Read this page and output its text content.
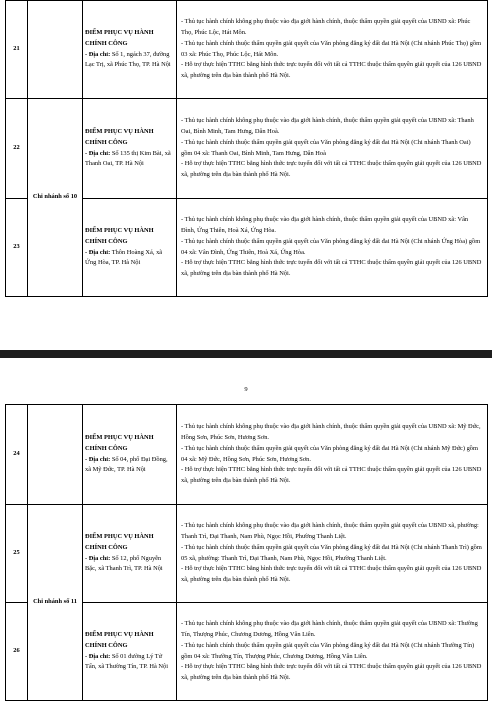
21		ĐIỂM PHỤC VỤ HÀNH CHÍNH CÔNG
- Địa chỉ: Số 1, ngách 37, đường Lạc Trị, xã Phúc Thọ, TP. Hà Nội	- Thủ tục hành chính không phụ thuộc vào địa giới hành chính, thuộc thẩm quyền giải quyết của UBND xã: Phúc Thọ, Phúc Lộc, Hát Môn.
- Thủ tục hành chính thuộc thẩm quyền giải quyết của Văn phòng đăng ký đất đai Hà Nội (Chi nhánh Phúc Thọ) gồm 03 xã: Phúc Thọ, Phúc Lộc, Hát Môn.
- Hỗ trợ thực hiện TTHC bằng hình thức trực tuyến đối với tất cả TTHC thuộc thẩm quyền giải quyết của 126 UBND xã, phường trên địa bàn thành phố Hà Nội.

22	Chi nhánh số 10	ĐIỂM PHỤC VỤ HÀNH CHÍNH CÔNG
- Địa chỉ: Số 135 thị Kim Bài, xã Thanh Oai, TP. Hà Nội	- Thủ tục hành chính không phụ thuộc vào địa giới hành chính, thuộc thẩm quyền giải quyết của UBND xã: Thanh Oai, Bình Minh, Tam Hưng, Dân Hoà.
- Thủ tục hành chính thuộc thẩm quyền giải quyết của Văn phòng đăng ký đất đai Hà Nội (Chi nhánh Thanh Oai) gồm 04 xã: Thanh Oai, Bình Minh, Tam Hưng, Dân Hoà
- Hỗ trợ thực hiện TTHC bằng hình thức trực tuyến đối với tất cả TTHC thuộc thẩm quyền giải quyết của 126 UBND xã, phường trên địa bàn thành phố Hà Nội.

23		ĐIỂM PHỤC VỤ HÀNH CHÍNH CÔNG
- Địa chỉ: Thôn Hoàng Xá, xã Ứng Hòa, TP. Hà Nội	- Thủ tục hành chính không phụ thuộc vào địa giới hành chính, thuộc thẩm quyền giải quyết của UBND xã: Vân Đình, Ứng Thiên, Hoà Xá, Ứng Hòa.
- Thủ tục hành chính thuộc thẩm quyền giải quyết của Văn phòng đăng ký đất đai Hà Nội (Chi nhánh Ứng Hòa) gồm 04 xã: Vân Đình, Ứng Thiên, Hoà Xá, Ứng Hòa.
- Hỗ trợ thực hiện TTHC bằng hình thức trực tuyến đối với tất cả TTHC thuộc thẩm quyền giải quyết của 126 UBND xã, phường trên địa bàn thành phố Hà Nội.
9
24		ĐIỂM PHỤC VỤ HÀNH CHÍNH CÔNG
- Địa chỉ: Số 04, phố Đại Đồng, xã Mỹ Đức, TP. Hà Nội	- Thủ tục hành chính không phụ thuộc vào địa giới hành chính, thuộc thẩm quyền giải quyết của UBND xã: Mỹ Đức, Hồng Sơn, Phúc Sơn, Hương Sơn.
- Thủ tục hành chính thuộc thẩm quyền giải quyết của Văn phòng đăng ký đất đai Hà Nội (Chi nhánh Mỹ Đức) gồm 04 xã: Mỹ Đức, Hồng Sơn, Phúc Sơn, Hương Sơn.
- Hỗ trợ thực hiện TTHC bằng hình thức trực tuyến đối với tất cả TTHC thuộc thẩm quyền giải quyết của 126 UBND xã, phường trên địa bàn thành phố Hà Nội.

25	Chi nhánh số 11	ĐIỂM PHỤC VỤ HÀNH CHÍNH CÔNG
- Địa chỉ: Số 12, phố Nguyễn Bặc, xã Thanh Trì, TP. Hà Nội	- Thủ tục hành chính không phụ thuộc vào địa giới hành chính, thuộc thẩm quyền giải quyết của UBND xã, phường: Thanh Trì, Đại Thanh, Nam Phù, Ngọc Hồi, Phường Thanh Liệt.
- Thủ tục hành chính thuộc thẩm quyền giải quyết của Văn phòng đăng ký đất đai Hà Nội (Chi nhánh Thanh Trì) gồm 05 xã, phường: Thanh Trì, Đại Thanh, Nam Phù, Ngọc Hồi, Phường Thanh Liệt.
- Hỗ trợ thực hiện TTHC bằng hình thức trực tuyến đối với tất cả TTHC thuộc thẩm quyền giải quyết của 126 UBND xã, phường trên địa bàn thành phố Hà Nội.

26		ĐIỂM PHỤC VỤ HÀNH CHÍNH CÔNG
- Địa chỉ: Số 01 đường Lý Tử Tấn, xã Thường Tín, TP. Hà Nội	- Thủ tục hành chính không phụ thuộc vào địa giới hành chính, thuộc thẩm quyền giải quyết của UBND xã: Thường Tín, Thượng Phúc, Chương Dương, Hồng Vân Liên.
- Thủ tục hành chính thuộc thẩm quyền giải quyết của Văn phòng đăng ký đất đai Hà Nội (Chi nhánh Thường Tín) gồm 04 xã: Thường Tín, Thượng Phúc, Chương Dương, Hồng Vân Liên.
- Hỗ trợ thực hiện TTHC bằng hình thức trực tuyến đối với tất cả TTHC thuộc thẩm quyền giải quyết của 126 UBND xã, phường trên địa bàn thành phố Hà Nội.
